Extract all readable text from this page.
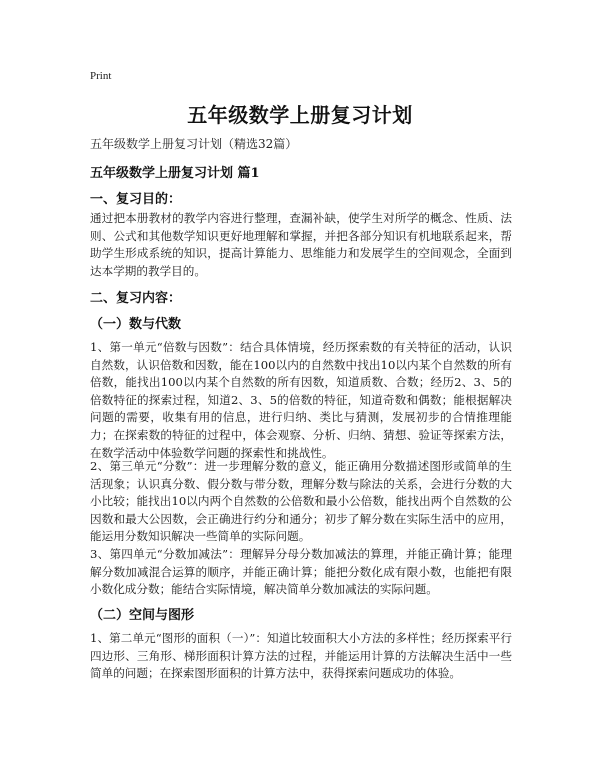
Print
五年级数学上册复习计划
五年级数学上册复习计划（精选32篇）
五年级数学上册复习计划 篇1
一、复习目的：
通过把本册教材的教学内容进行整理，查漏补缺，使学生对所学的概念、性质、法则、公式和其他数学知识更好地理解和掌握，并把各部分知识有机地联系起来，帮助学生形成系统的知识，提高计算能力、思维能力和发展学生的空间观念，全面到达本学期的教学目的。
二、复习内容：
（一）数与代数
1、第一单元“倍数与因数”：结合具体情境，经历探索数的有关特征的活动，认识自然数，认识倍数和因数，能在100以内的自然数中找出10以内某个自然数的所有倍数，能找出100以内某个自然数的所有因数，知道质数、合数；经历2、3、5的倍数特征的探索过程，知道2、3、5的倍数的特征，知道奇数和偶数；能根据解决问题的需要，收集有用的信息，进行归纳、类比与猜测，发展初步的合情推理能力；在探索数的特征的过程中，体会观察、分析、归纳、猜想、验证等探索方法，在数学活动中体验数学问题的探索性和挑战性。
2、第三单元“分数”：进一步理解分数的意义，能正确用分数描述图形或简单的生活现象；认识真分数、假分数与带分数，理解分数与除法的关系，会进行分数的大小比较；能找出10以内两个自然数的公倍数和最小公倍数，能找出两个自然数的公因数和最大公因数，会正确进行约分和通分；初步了解分数在实际生活中的应用，能运用分数知识解决一些简单的实际问题。
3、第四单元“分数加减法”：理解异分母分数加减法的算理，并能正确计算；能理解分数加减混合运算的顺序，并能正确计算；能把分数化成有限小数，也能把有限小数化成分数；能结合实际情境，解决简单分数加减法的实际问题。
（二）空间与图形
1、第二单元“图形的面积（一）”：知道比较面积大小方法的多样性；经历探索平行四边形、三角形、梯形面积计算方法的过程，并能运用计算的方法解决生活中一些简单的问题；在探索图形面积的计算方法中，获得探索问题成功的体验。
